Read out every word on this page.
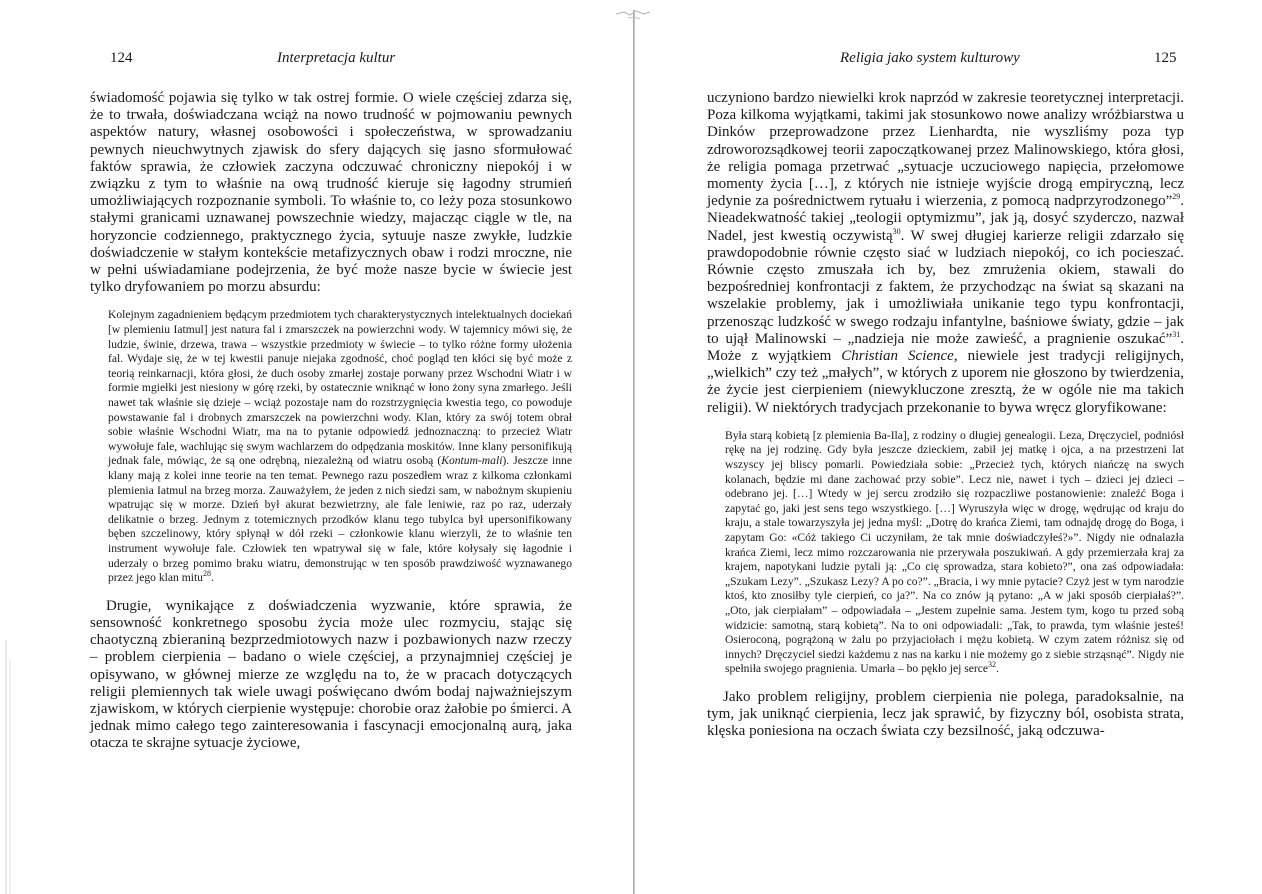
124	Interpretacja kultur

świadomość pojawia się tylko w tak ostrej formie. O wiele częściej zdarza się, że to trwała, doświadczana wciąż na nowo trudność w pojmowaniu pewnych aspektów natury, własnej osobowości i społeczeństwa, w sprowadzaniu pewnych nieuchwytnych zjawisk do sfery dających się jasno sformułować faktów sprawia, że człowiek zaczyna odczuwać chroniczny niepokój i w związku z tym to właśnie na ową trudność kieruje się łagodny strumień umożliwiających rozpoznanie symboli. To właśnie to, co leży poza stosunkowo stałymi granicami uznawanej powszechnie wiedzy, majacząc ciągle w tle, na horyzoncie codziennego, praktycznego życia, sytuuje nasze zwykłe, ludzkie doświadczenie w stałym kontekście metafizycznych obaw i rodzi mroczne, nie w pełni uświadamiane podejrzenia, że być może nasze bycie w świecie jest tylko dryfowaniem po morzu absurdu:

Kolejnym zagadnieniem będącym przedmiotem tych charakterystycznych intelektualnych dociekań [w plemieniu Iatmul] jest natura fal i zmarszczek na powierzchni wody. W tajemnicy mówi się, że ludzie, świnie, drzewa, trawa – wszystkie przedmioty w świecie – to tylko różne formy ułożenia fal. Wydaje się, że w tej kwestii panuje niejaka zgodność, choć pogląd ten kłóci się być może z teorią reinkarnacji, która głosi, że duch osoby zmarłej zostaje porwany przez Wschodni Wiatr i w formie mgiełki jest niesiony w górę rzeki, by ostatecznie wniknąć w łono żony syna zmarłego. Jeśli nawet tak właśnie się dzieje – wciąż pozostaje nam do rozstrzygnięcia kwestia tego, co powoduje powstawanie fal i drobnych zmarszczek na powierzchni wody. Klan, który za swój totem obrał sobie właśnie Wschodni Wiatr, ma na to pytanie odpowiedź jednoznaczną: to przecież Wiatr wywołuje fale, wachlując się swym wachlarzem do odpędzania moskitów. Inne klany personifikują jednak fale, mówiąc, że są one odrębną, niezależną od wiatru osobą (Kontum-mali). Jeszcze inne klany mają z kolei inne teorie na ten temat. Pewnego razu poszedłem wraz z kilkoma członkami plemienia Iatmul na brzeg morza. Zauważyłem, że jeden z nich siedzi sam, w nabożnym skupieniu wpatrując się w morze. Dzień był akurat bezwietrzny, ale fale leniwie, raz po raz, uderzały delikatnie o brzeg. Jednym z totemicznych przodków klanu tego tubylca był upersonifikowany bęben szczelinowy, który spłynął w dół rzeki – członkowie klanu wierzyli, że to właśnie ten instrument wywołuje fale. Człowiek ten wpatrywał się w fale, które kołysały się łagodnie i uderzały o brzeg pomimo braku wiatru, demonstrując w ten sposób prawdziwość wyznawanego przez jego klan mitu$^{28}$.

Drugie, wynikające z doświadczenia wyzwanie, które sprawia, że sensowność konkretnego sposobu życia może ulec rozmyciu, stając się chaotyczną zbieraniną bezprzedmiotowych nazw i pozbawionych nazw rzeczy – problem cierpienia – badano o wiele częściej, a przynajmniej częściej je opisywano, w głównej mierze ze względu na to, że w pracach dotyczących religii plemiennych tak wiele uwagi poświęcano dwóm bodaj najważniejszym zjawiskom, w których cierpienie występuje: chorobie oraz żałobie po śmierci. A jednak mimo całego tego zainteresowania i fascynacji emocjonalną aurą, jaka otacza te skrajne sytuacje życiowe,

Religia jako system kulturowy	125

uczyniono bardzo niewielki krok naprzód w zakresie teoretycznej interpretacji. Poza kilkoma wyjątkami, takimi jak stosunkowo nowe analizy wróżbiarstwa u Dinków przeprowadzone przez Lienhardta, nie wyszliśmy poza typ zdroworozsądkowej teorii zapoczątkowanej przez Malinowskiego, która głosi, że religia pomaga przetrwać „sytuacje uczuciowego napięcia, przełomowe momenty życia […], z których nie istnieje wyjście drogą empiryczną, lecz jedynie za pośrednictwem rytuału i wierzenia, z pomocą nadprzyrodzonego”$^{29}$. Nieadekwatność takiej „teologii optymizmu”, jak ją, dosyć szyderczo, nazwał Nadel, jest kwestią oczywistą$^{30}$. W swej długiej karierze religii zdarzało się prawdopodobnie równie często siać w ludziach niepokój, co ich pocieszać. Równie często zmuszała ich by, bez zmrużenia okiem, stawali do bezpośredniej konfrontacji z faktem, że przychodząc na świat są skazani na wszelakie problemy, jak i umożliwiała unikanie tego typu konfrontacji, przenosząc ludzkość w swego rodzaju infantylne, baśniowe światy, gdzie – jak to ujął Malinowski – „nadzieja nie może zawieść, a pragnienie oszukać”$^{31}$. Może z wyjątkiem Christian Science, niewiele jest tradycji religijnych, „wielkich” czy też „małych”, w których z uporem nie głoszono by twierdzenia, że życie jest cierpieniem (niewykluczone zresztą, że w ogóle nie ma takich religii). W niektórych tradycjach przekonanie to bywa wręcz gloryfikowane:

Była starą kobietą [z plemienia Ba-Ila], z rodziny o długiej genealogii. Leza, Dręczyciel, podniósł rękę na jej rodzinę. Gdy była jeszcze dzieckiem, zabił jej matkę i ojca, a na przestrzeni lat wszyscy jej bliscy pomarli. Powiedziała sobie: „Przecież tych, których niańczę na swych kolanach, będzie mi dane zachować przy sobie”. Lecz nie, nawet i tych – dzieci jej dzieci – odebrano jej. […] Wtedy w jej sercu zrodziło się rozpaczliwe postanowienie: znaleźć Boga i zapytać go, jaki jest sens tego wszystkiego. […] Wyruszyła więc w drogę, wędrując od kraju do kraju, a stale towarzyszyła jej jedna myśl: „Dotrę do krańca Ziemi, tam odnajdę drogę do Boga, i zapytam Go: «Cóż takiego Ci uczyniłam, że tak mnie doświadczyłeś?»”. Nigdy nie odnalazła krańca Ziemi, lecz mimo rozczarowania nie przerywała poszukiwań. A gdy przemierzała kraj za krajem, napotykani ludzie pytali ją: „Co cię sprowadza, stara kobieto?”, ona zaś odpowiadała: „Szukam Lezy”. „Szukasz Lezy? A po co?”. „Bracia, i wy mnie pytacie? Czyż jest w tym narodzie ktoś, kto znosiłby tyle cierpień, co ja?”. Na co znów ją pytano: „A w jaki sposób cierpiałaś?”. „Oto, jak cierpiałam” – odpowiadała – „Jestem zupełnie sama. Jestem tym, kogo tu przed sobą widzicie: samotną, starą kobietą”. Na to oni odpowiadali: „Tak, to prawda, tym właśnie jesteś! Osieroconą, pogrążoną w żalu po przyjaciołach i mężu kobietą. W czym zatem różnisz się od innych? Dręczyciel siedzi każdemu z nas na karku i nie możemy go z siebie strząsnąć”. Nigdy nie spełniła swojego pragnienia. Umarła – bo pękło jej serce$^{32}$.

Jako problem religijny, problem cierpienia nie polega, paradoksalnie, na tym, jak uniknąć cierpienia, lecz jak sprawić, by fizyczny ból, osobista strata, klęska poniesiona na oczach świata czy bezsilność, jaką odczuwa-
